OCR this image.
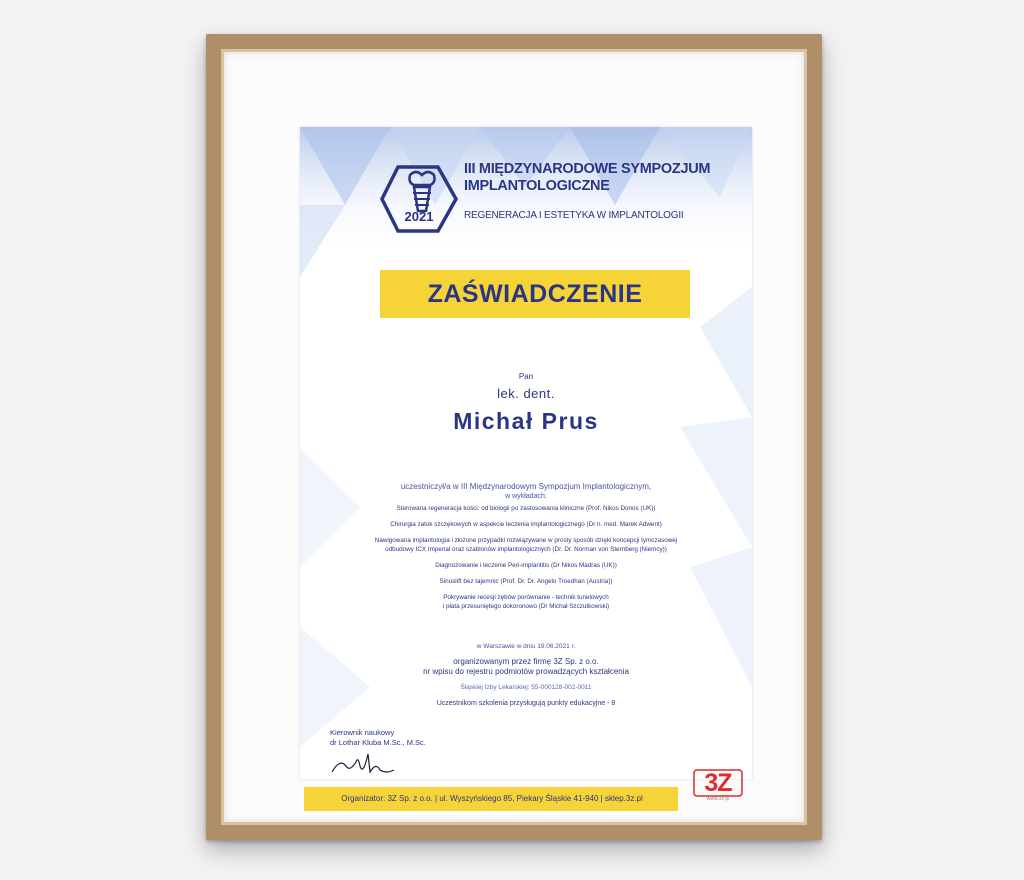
2021
III MIĘDZYNARODOWE SYMPOZJUM
IMPLANTOLOGICZNE
REGENERACJA I ESTETYKA W IMPLANTOLOGII
ZAŚWIADCZENIE
Pan
lek. dent.
Michał Prus
uczestniczył/a w III Międzynarodowym Sympozjum Implantologicznym,
w wykładach:
Sterowana regeneracja kości: od biologii po zastosowania kliniczne (Prof. Nikos Donos (UK))
Chirurgia zatok szczękowych w aspekcie leczenia implantologicznego (Dr n. med. Marek Adwent)
Nawigowana implantologia i złożone przypadki rozwiązywane w prosty sposób dzięki koncepcji tymczasowej
odbudowy ICX Imperial oraz szablonów implantologicznych (Dr. Dr. Norman von Sternberg (Niemcy))
Diagnozowanie i leczenie Peri-implantitis (Dr Nikos Madras (UK))
Sinuslift bez tajemnic (Prof. Dr. Dr. Angelo Troedhan (Austria))
Pokrywanie recesji zębów porównanie - technik tunelowych
i płata przesuniętego dokoronowo (Dr Michał Szczutkowski)
w Warszawie w dniu 19.06.2021 r.
organizowanym przez firmę 3Z Sp. z o.o.
nr wpisu do rejestru podmiotów prowadzących kształcenia
Śląskiej Izby Lekarskiej: 55-000128-002-0011
Uczestnikom szkolenia przysługują punkty edukacyjne - 8
Kierownik naukowy
dr Lothar Kluba M.Sc., M.Sc.
Organizator: 3Z Sp. z o.o. | ul. Wyszyńskiego 85, Piekary Śląskie 41-940 | sklep.3z.pl
3Z
www.3z.pl
